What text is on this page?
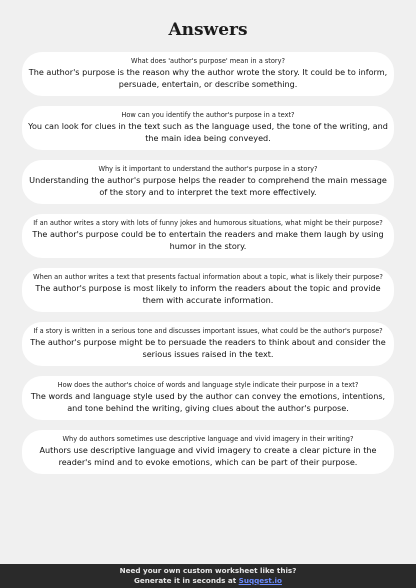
Answers
What does 'author's purpose' mean in a story?
The author's purpose is the reason why the author wrote the story. It could be to inform, persuade, entertain, or describe something.
How can you identify the author's purpose in a text?
You can look for clues in the text such as the language used, the tone of the writing, and the main idea being conveyed.
Why is it important to understand the author's purpose in a story?
Understanding the author's purpose helps the reader to comprehend the main message of the story and to interpret the text more effectively.
If an author writes a story with lots of funny jokes and humorous situations, what might be their purpose?
The author's purpose could be to entertain the readers and make them laugh by using humor in the story.
When an author writes a text that presents factual information about a topic, what is likely their purpose?
The author's purpose is most likely to inform the readers about the topic and provide them with accurate information.
If a story is written in a serious tone and discusses important issues, what could be the author's purpose?
The author's purpose might be to persuade the readers to think about and consider the serious issues raised in the text.
How does the author's choice of words and language style indicate their purpose in a text?
The words and language style used by the author can convey the emotions, intentions, and tone behind the writing, giving clues about the author's purpose.
Why do authors sometimes use descriptive language and vivid imagery in their writing?
Authors use descriptive language and vivid imagery to create a clear picture in the reader's mind and to evoke emotions, which can be part of their purpose.
Need your own custom worksheet like this?
Generate it in seconds at Suqqest.io
